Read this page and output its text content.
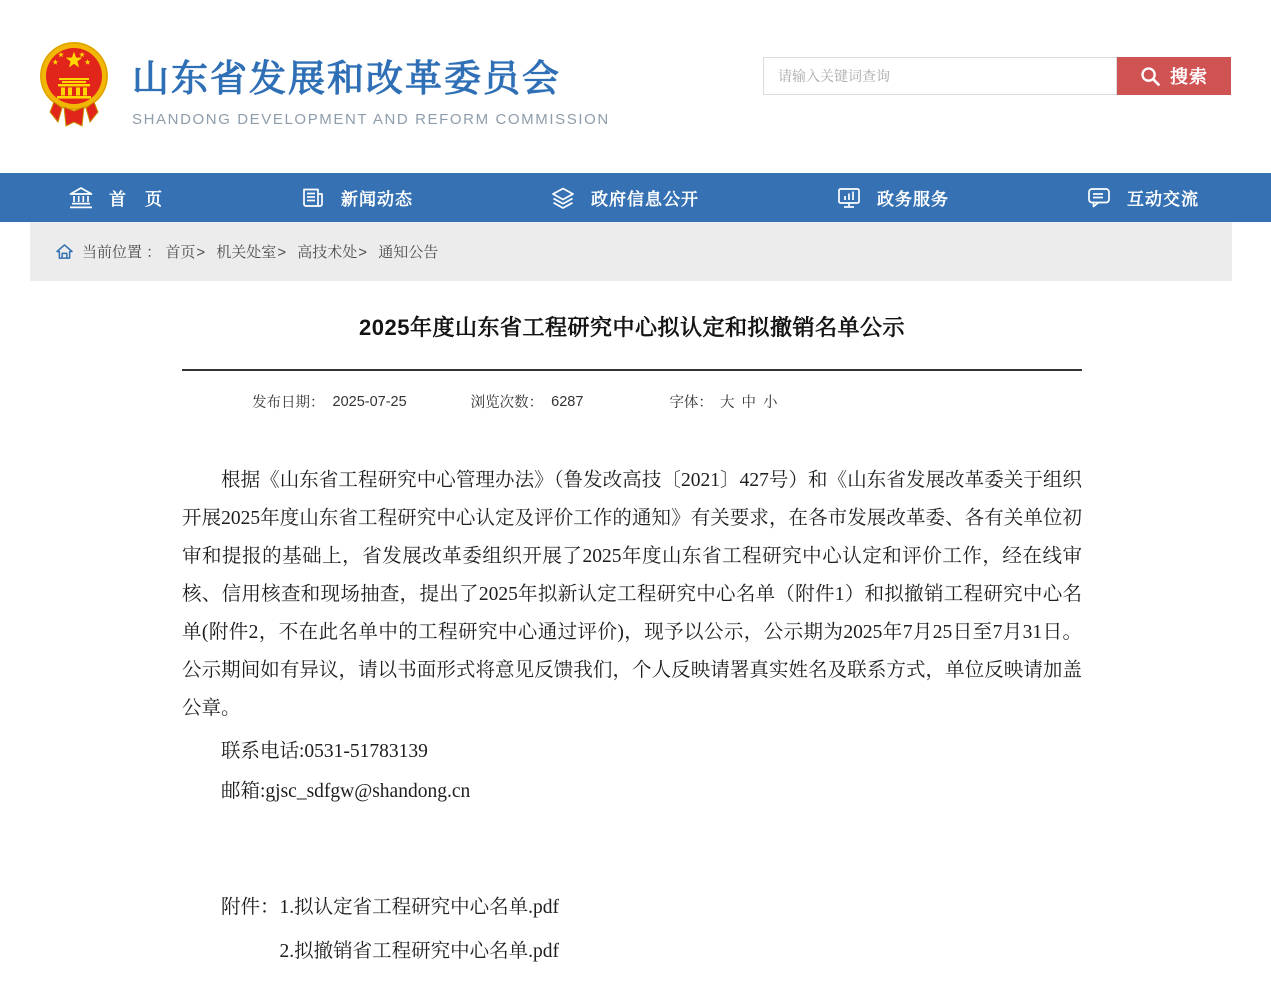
山东省发展和改革委员会
SHANDONG DEVELOPMENT AND REFORM COMMISSION
请输入关键词查询
搜索
首　页	新闻动态	政府信息公开	政务服务	互动交流
当前位置 ： 首页> 机关处室> 高技术处> 通知公告
2025年度山东省工程研究中心拟认定和拟撤销名单公示
发布日期： 2025-07-25	浏览次数： 6287	字体： 大 中 小

根据《山东省工程研究中心管理办法》（鲁发改高技〔2021〕427号）和《山东省发展改革委关于组织开展2025年度山东省工程研究中心认定及评价工作的通知》有关要求，在各市发展改革委、各有关单位初审和提报的基础上，省发展改革委组织开展了2025年度山东省工程研究中心认定和评价工作，经在线审核、信用核查和现场抽查，提出了2025年拟新认定工程研究中心名单（附件1）和拟撤销工程研究中心名单(附件2，不在此名单中的工程研究中心通过评价)，现予以公示，公示期为2025年7月25日至7月31日。公示期间如有异议，请以书面形式将意见反馈我们，个人反映请署真实姓名及联系方式，单位反映请加盖公章。

联系电话:0531-51783139

邮箱:gjsc_sdfgw@shandong.cn

附件： 1.拟认定省工程研究中心名单.pdf
2.拟撤销省工程研究中心名单.pdf
